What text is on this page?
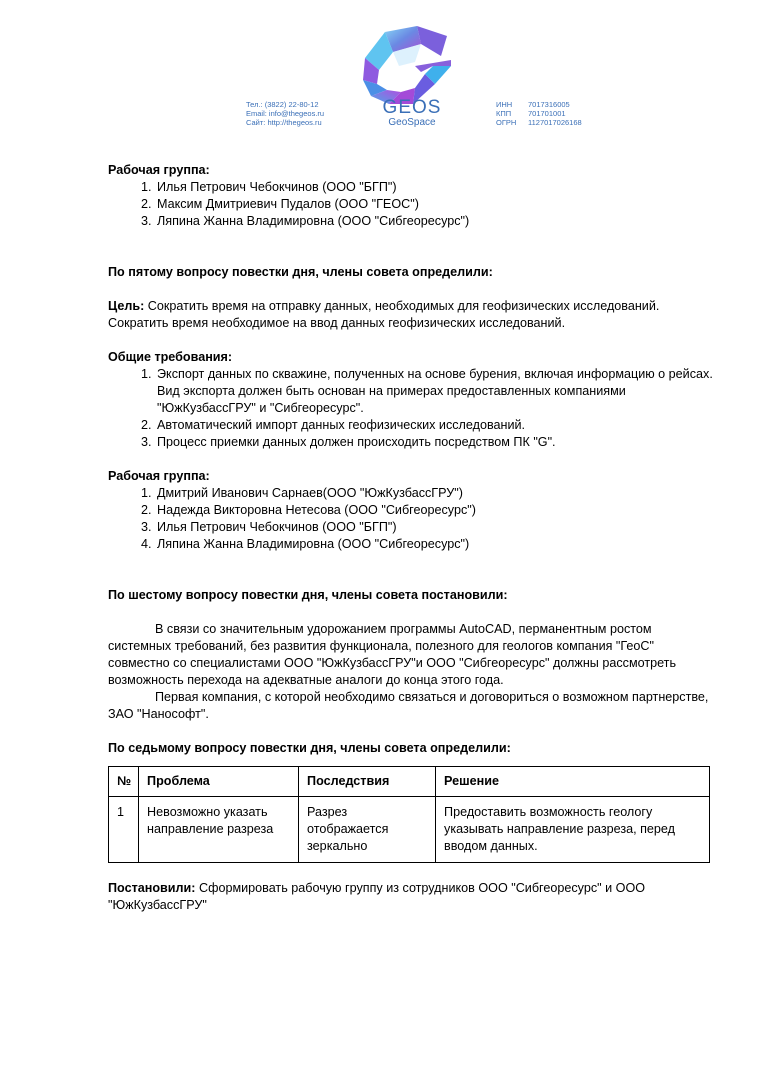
Тел.: (3822) 22-80-12
Email: info@thegeos.ru
Сайт: http://thegeos.ru
GEOS
GeoSpace
ИНН	7017316005
КПП	701701001
ОГРН	1127017026168

Рабочая группа:

1. Илья Петрович Чебокчинов (ООО "БГП")
2. Максим Дмитриевич Пудалов (ООО "ГЕОС")
3. Ляпина Жанна Владимировна (ООО "Сибгеоресурс")

По пятому вопросу повестки дня, члены совета определили:

Цель: Сократить время на отправку данных, необходимых для геофизических исследований. Сократить время необходимое на ввод данных геофизических исследований.

Общие требования:

1. Экспорт данных по скважине, полученных на основе бурения, включая информацию о рейсах. Вид экспорта должен быть основан на примерах предоставленных компаниями "ЮжКузбассГРУ" и "Сибгеоресурс".
2. Автоматический импорт данных геофизических исследований.
3. Процесс приемки данных должен происходить посредством ПК "G".

Рабочая группа:

1. Дмитрий Иванович Сарнаев(ООО "ЮжКузбассГРУ")
2. Надежда Викторовна Нетесова (ООО "Сибгеоресурс")
3. Илья Петрович Чебокчинов (ООО "БГП")
4. Ляпина Жанна Владимировна (ООО "Сибгеоресурс")

По шестому вопросу повестки дня, члены совета постановили:

В связи со значительным удорожанием программы AutoCAD, перманентным ростом системных требований, без развития функционала, полезного для геологов компания "ГеоС" совместно со специалистами ООО "ЮжКузбассГРУ"и ООО "Сибгеоресурс" должны рассмотреть возможность перехода на адекватные аналоги до конца этого года.

Первая компания, с которой необходимо связаться и договориться о возможном партнерстве, ЗАО "Нанософт".

По седьмому вопросу повестки дня, члены совета определили:

№	Проблема	Последствия	Решение
1	Невозможно указать направление разреза	Разрез отображается зеркально	Предоставить возможность геологу указывать направление разреза, перед вводом данных.

Постановили: Сформировать рабочую группу из сотрудников ООО "Сибгеоресурс" и ООО "ЮжКузбассГРУ"
